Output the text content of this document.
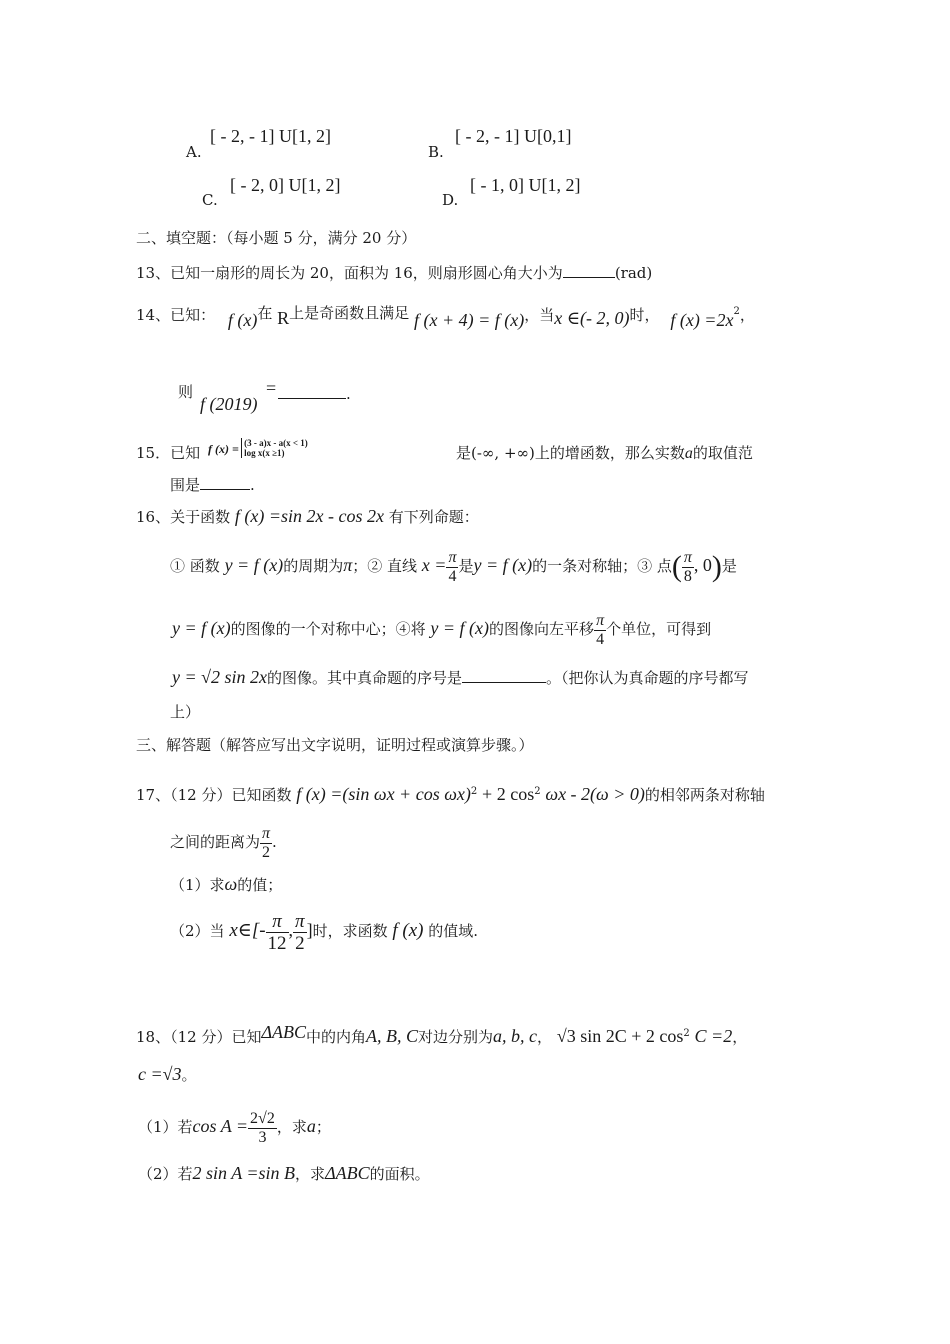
A.
[ - 2, - 1] U[1, 2]
B.
[ - 2, - 1] U[0,1]
C.
[ - 2, 0] U[1, 2]
D.
[ - 1, 0] U[1, 2]
二、填空题：（每小题 5 分，满分 20 分）
13、已知一扇形的周长为 20，面积为 16，则扇形圆心角大小为	(rad)
14、已知： f (x)在 R上是奇函数且满足 f (x + 4) = f (x)，当x ∈(- 2, 0)时， f $(x) =2x^2$，
则
f (2019)
=	.
15．已知 f (x) = (3 - a)x - a(x < 1)
log x(x ≥1)	是(-∞, +∞)上的增函数，那么实数a的取值范
围是	.
16、关于函数 f (x) =sin 2x - cos 2x 有下列命题：
① 函数 y = f (x)的周期为π；② 直线 $x = \frac{\pi}{4}$ 是y = f (x)的一条对称轴；③ 点( $\frac{\pi}{8}$ , 0)是
y = f (x)的图像的一个对称中心；④将 y = f (x)的图像向左平移 $\frac{\pi}{4}$ 个单位，可得到
y = √2 sin 2x的图像。其中真命题的序号是	。（把你认为真命题的序号都写
上）
三、解答题（解答应写出文字说明，证明过程或演算步骤。）
17、（12 分）已知函数 f (x) =(sin ωx + cos ωx)$^2$ + 2 $\cos^2 \omega x - 2(\omega > 0)$的相邻两条对称轴
之间的距离为 $\frac{\pi}{2}$ .
（1）求ω的值；
（2）当 x∈[- $\frac{\pi}{12}$ , $\frac{\pi}{2}$ ]时，求函数 f (x) 的值域.
18、（12 分）已知ΔABC中的内角A, B, C对边分别为a, b, c， √3 sin 2C + 2 $\cos^2 C =2$，
c =√3。
（1）若$\cos A = \frac{2√2}{3}$ ，求a；
（2）若2 sin A =sin B，求ΔABC的面积。
